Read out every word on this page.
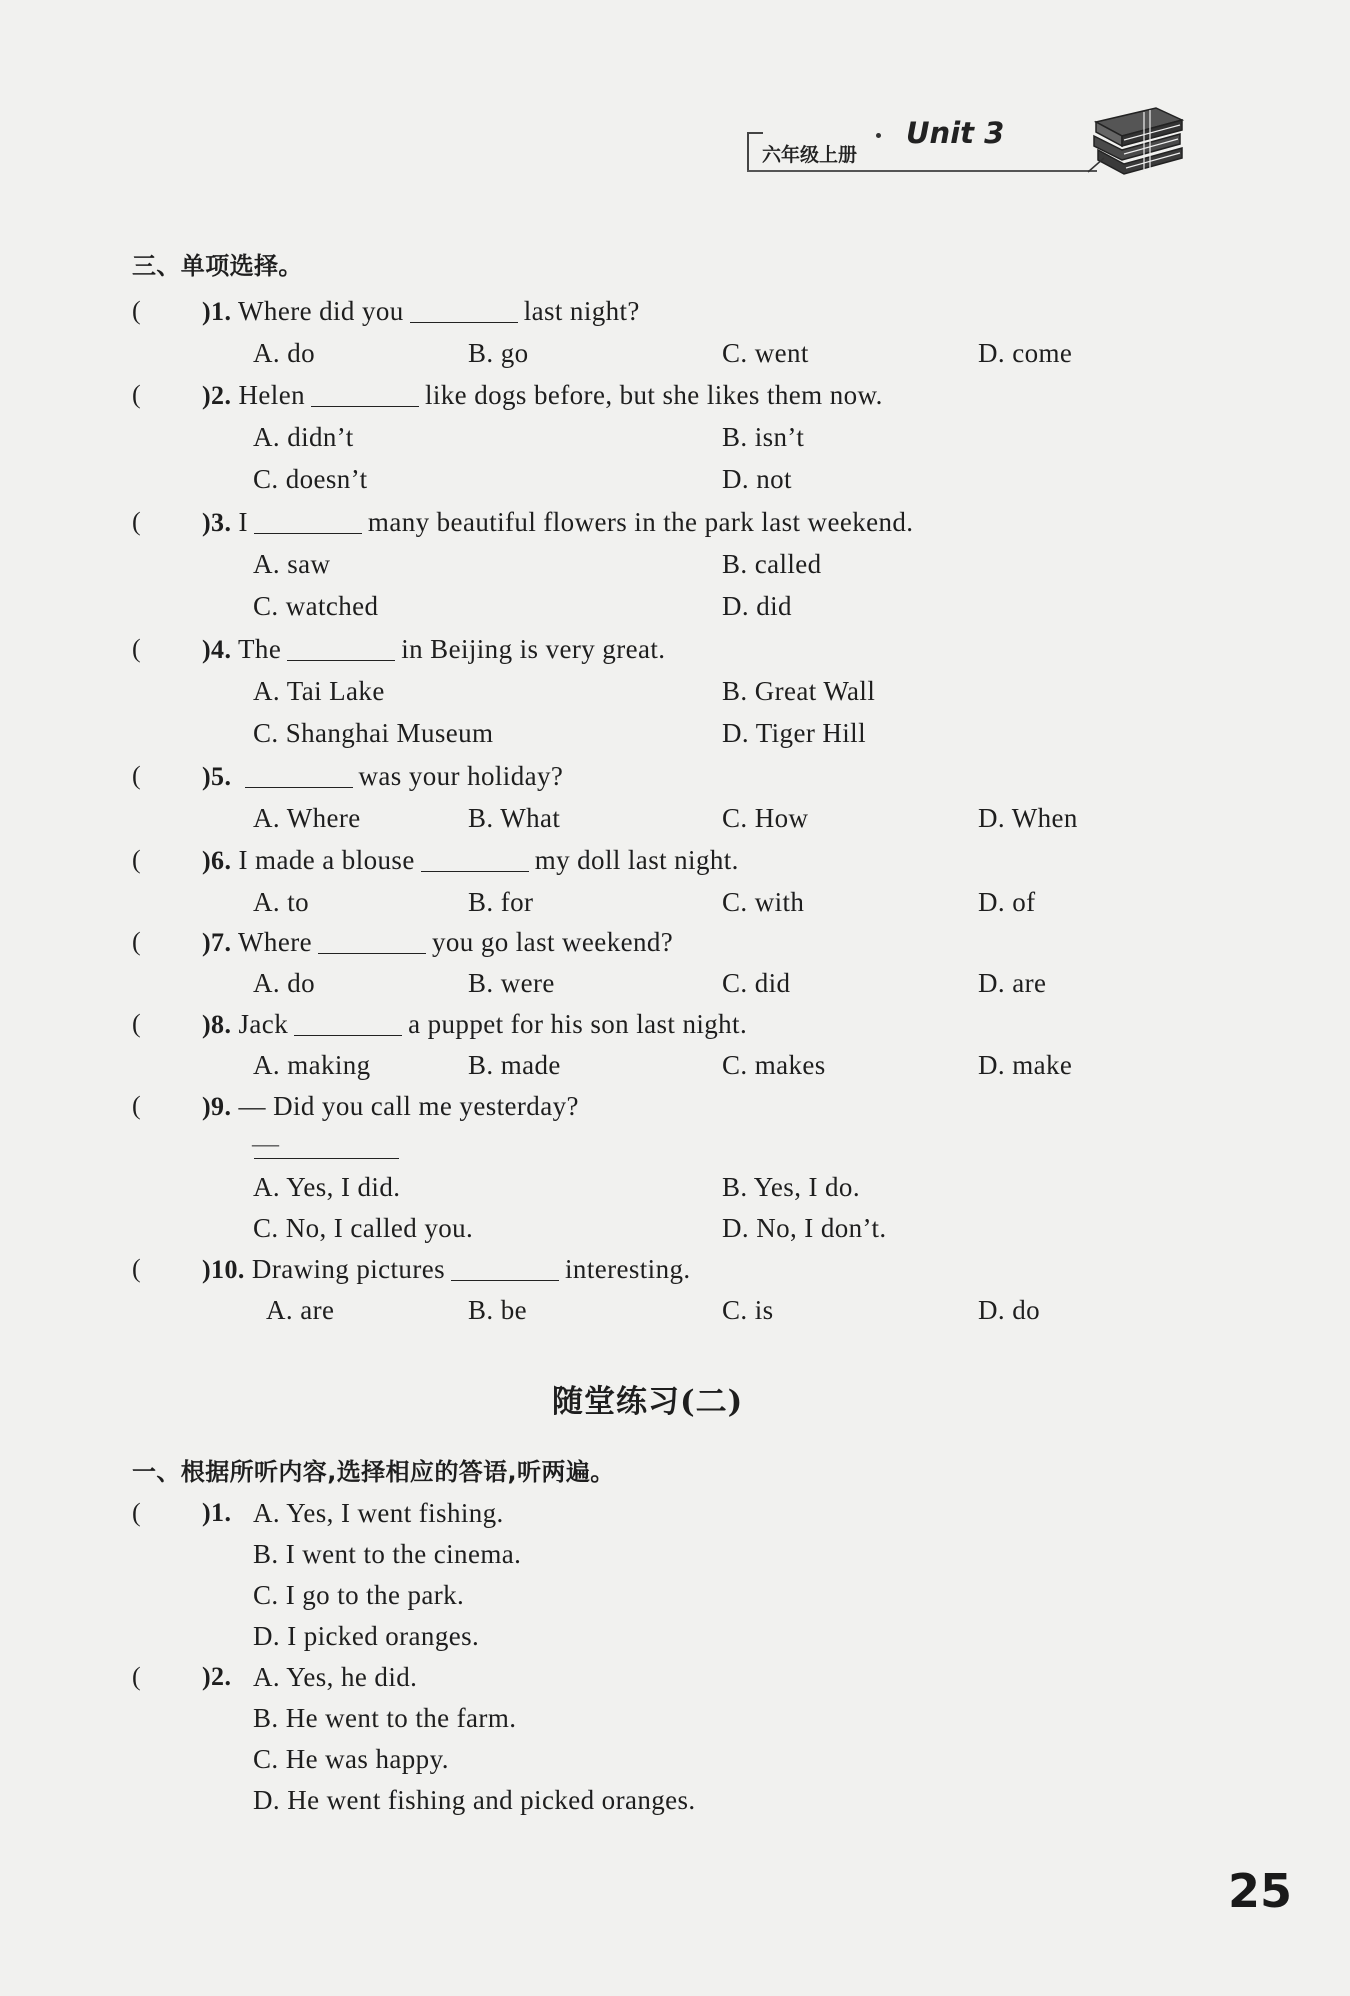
六年级上册
Unit 3
三、单项选择。
( )1. Where did you	last night?
A. do	B. go	C. went	D. come
( )2. Helen	like dogs before, but she likes them now.
A. didn’t	B. isn’t
C. doesn’t	D. not
( )3. I	many beautiful flowers in the park last weekend.
A. saw	B. called
C. watched	D. did
( )4. The	in Beijing is very great.
A. Tai Lake	B. Great Wall
C. Shanghai Museum	D. Tiger Hill
( )5.	was your holiday?
A. Where	B. What	C. How	D. When
( )6. I made a blouse	my doll last night.
A. to	B. for	C. with	D. of
( )7. Where	you go last weekend?
A. do	B. were	C. did	D. are
( )8. Jack	a puppet for his son last night.
A. making	B. made	C. makes	D. make
( )9. — Did you call me yesterday?
—
A. Yes, I did.	B. Yes, I do.
C. No, I called you.	D. No, I don’t.
( )10. Drawing pictures	interesting.
A. are	B. be	C. is	D. do
随堂练习(二)
一、根据所听内容,选择相应的答语,听两遍。
( )1. A. Yes, I went fishing.
B. I went to the cinema.
C. I go to the park.
D. I picked oranges.
( )2. A. Yes, he did.
B. He went to the farm.
C. He was happy.
D. He went fishing and picked oranges.
25
